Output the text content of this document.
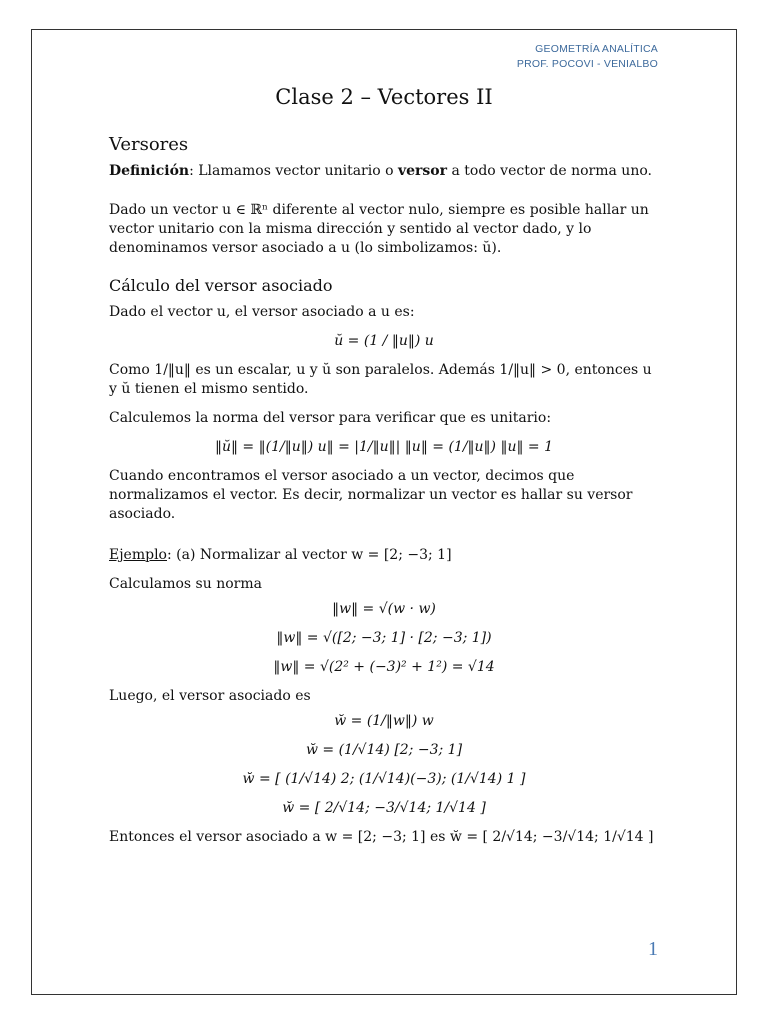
GEOMETRÍA ANALÍTICA
PROF. POCOVI - VENIALBO
Clase 2 – Vectores II
Versores

Definición: Llamamos vector unitario o versor a todo vector de norma uno.

Dado un vector u ∈ ℝⁿ diferente al vector nulo, siempre es posible hallar un vector unitario con la misma dirección y sentido al vector dado, y lo denominamos versor asociado a u (lo simbolizamos: ŭ).

Cálculo del versor asociado

Dado el vector u, el versor asociado a u es:

ŭ = (1 / ‖u‖) u

Como 1/‖u‖ es un escalar, u y ŭ son paralelos. Además 1/‖u‖ > 0, entonces u y ŭ tienen el mismo sentido.

Calculemos la norma del versor para verificar que es unitario:

‖ŭ‖ = ‖(1/‖u‖) u‖ = |1/‖u‖| ‖u‖ = (1/‖u‖) ‖u‖ = 1

Cuando encontramos el versor asociado a un vector, decimos que normalizamos el vector. Es decir, normalizar un vector es hallar su versor asociado.

Ejemplo: (a) Normalizar al vector w = [2; −3; 1]

Calculamos su norma

‖w‖ = √(w · w)
‖w‖ = √([2; −3; 1] · [2; −3; 1])
‖w‖ = √(2² + (−3)² + 1²) = √14

Luego, el versor asociado es

w̆ = (1/‖w‖) w
w̆ = (1/√14) [2; −3; 1]
w̆ = [ (1/√14) 2; (1/√14)(−3); (1/√14) 1 ]
w̆ = [ 2/√14; −3/√14; 1/√14 ]

Entonces el versor asociado a w = [2; −3; 1] es w̆ = [ 2/√14; −3/√14; 1/√14 ]

1
